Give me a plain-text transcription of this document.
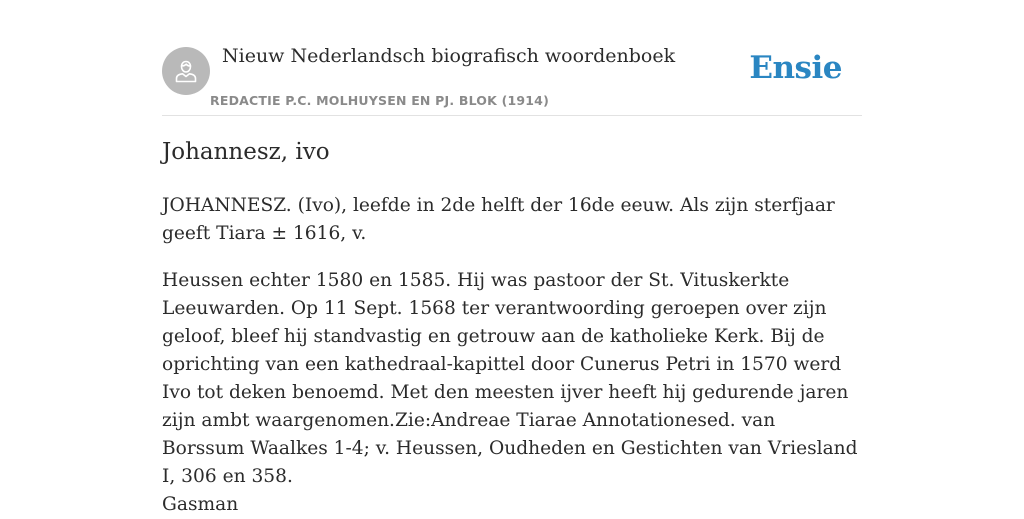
Nieuw Nederlandsch biografisch woordenboek
REDACTIE P.C. MOLHUYSEN EN PJ. BLOK (1914)
Ensie
Johannesz, ivo

JOHANNESZ. (Ivo), leefde in 2de helft der 16de eeuw. Als zijn sterfjaar geeft Tiara ± 1616, v.

Heussen echter 1580 en 1585. Hij was pastoor der St. Vituskerkte Leeuwarden. Op 11 Sept. 1568 ter verantwoording geroepen over zijn geloof, bleef hij standvastig en getrouw aan de katholieke Kerk. Bij de oprichting van een kathedraal-kapittel door Cunerus Petri in 1570 werd Ivo tot deken benoemd. Met den meesten ijver heeft hij gedurende jaren zijn ambt waargenomen.Zie:Andreae Tiarae Annotationesed. van Borssum Waalkes 1-4; v. Heussen, Oudheden en Gestichten van Vriesland I, 306 en 358.

Gasman
